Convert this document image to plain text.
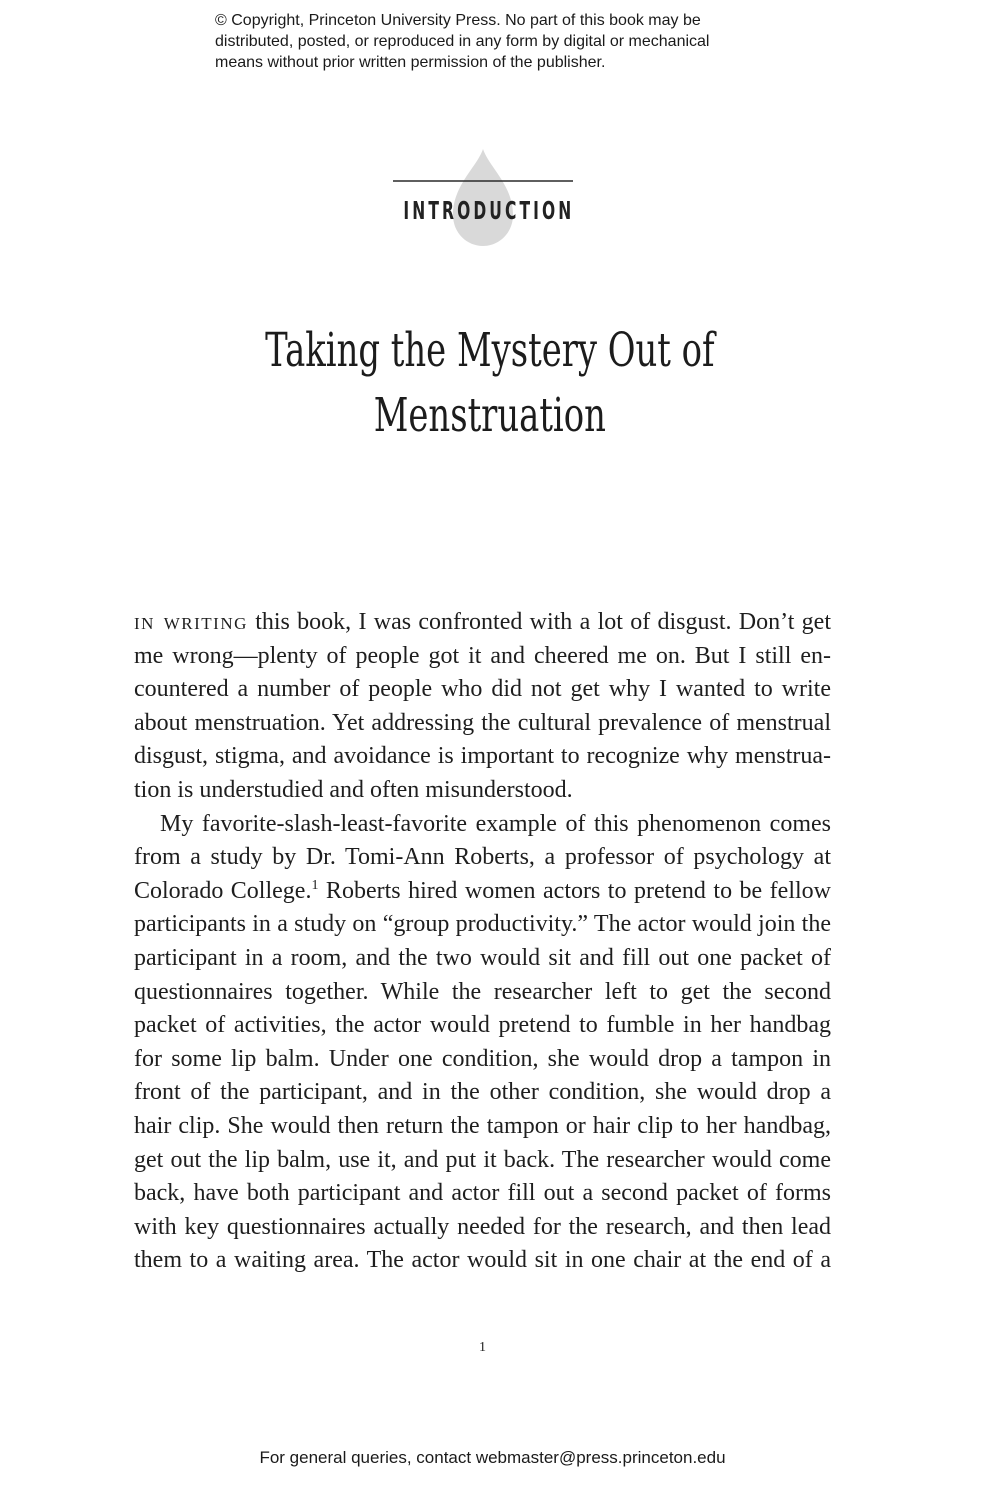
© Copyright, Princeton University Press. No part of this book may be
distributed, posted, or reproduced in any form by digital or mechanical
means without prior written permission of the publisher.
INTRODUCTION
Taking the Mystery Out of
Menstruation
in writing this book, I was confronted with a lot of disgust. Don’t get
me wrong—plenty of people got it and cheered me on. But I still en-
countered a number of people who did not get why I wanted to write
about menstruation. Yet addressing the cultural prevalence of menstrual
disgust, stigma, and avoidance is important to recognize why menstrua-
tion is understudied and often misunderstood.
My favorite-slash-least-favorite example of this phenomenon comes
from a study by Dr. Tomi-Ann Roberts, a professor of psychology at
Colorado College.$^1$ Roberts hired women actors to pretend to be fellow
participants in a study on “group productivity.” The actor would join the
participant in a room, and the two would sit and fill out one packet of
questionnaires together. While the researcher left to get the second
packet of activities, the actor would pretend to fumble in her handbag
for some lip balm. Under one condition, she would drop a tampon in
front of the participant, and in the other condition, she would drop a
hair clip. She would then return the tampon or hair clip to her handbag,
get out the lip balm, use it, and put it back. The researcher would come
back, have both participant and actor fill out a second packet of forms
with key questionnaires actually needed for the research, and then lead
them to a waiting area. The actor would sit in one chair at the end of a
1
For general queries, contact webmaster@press.princeton.edu
